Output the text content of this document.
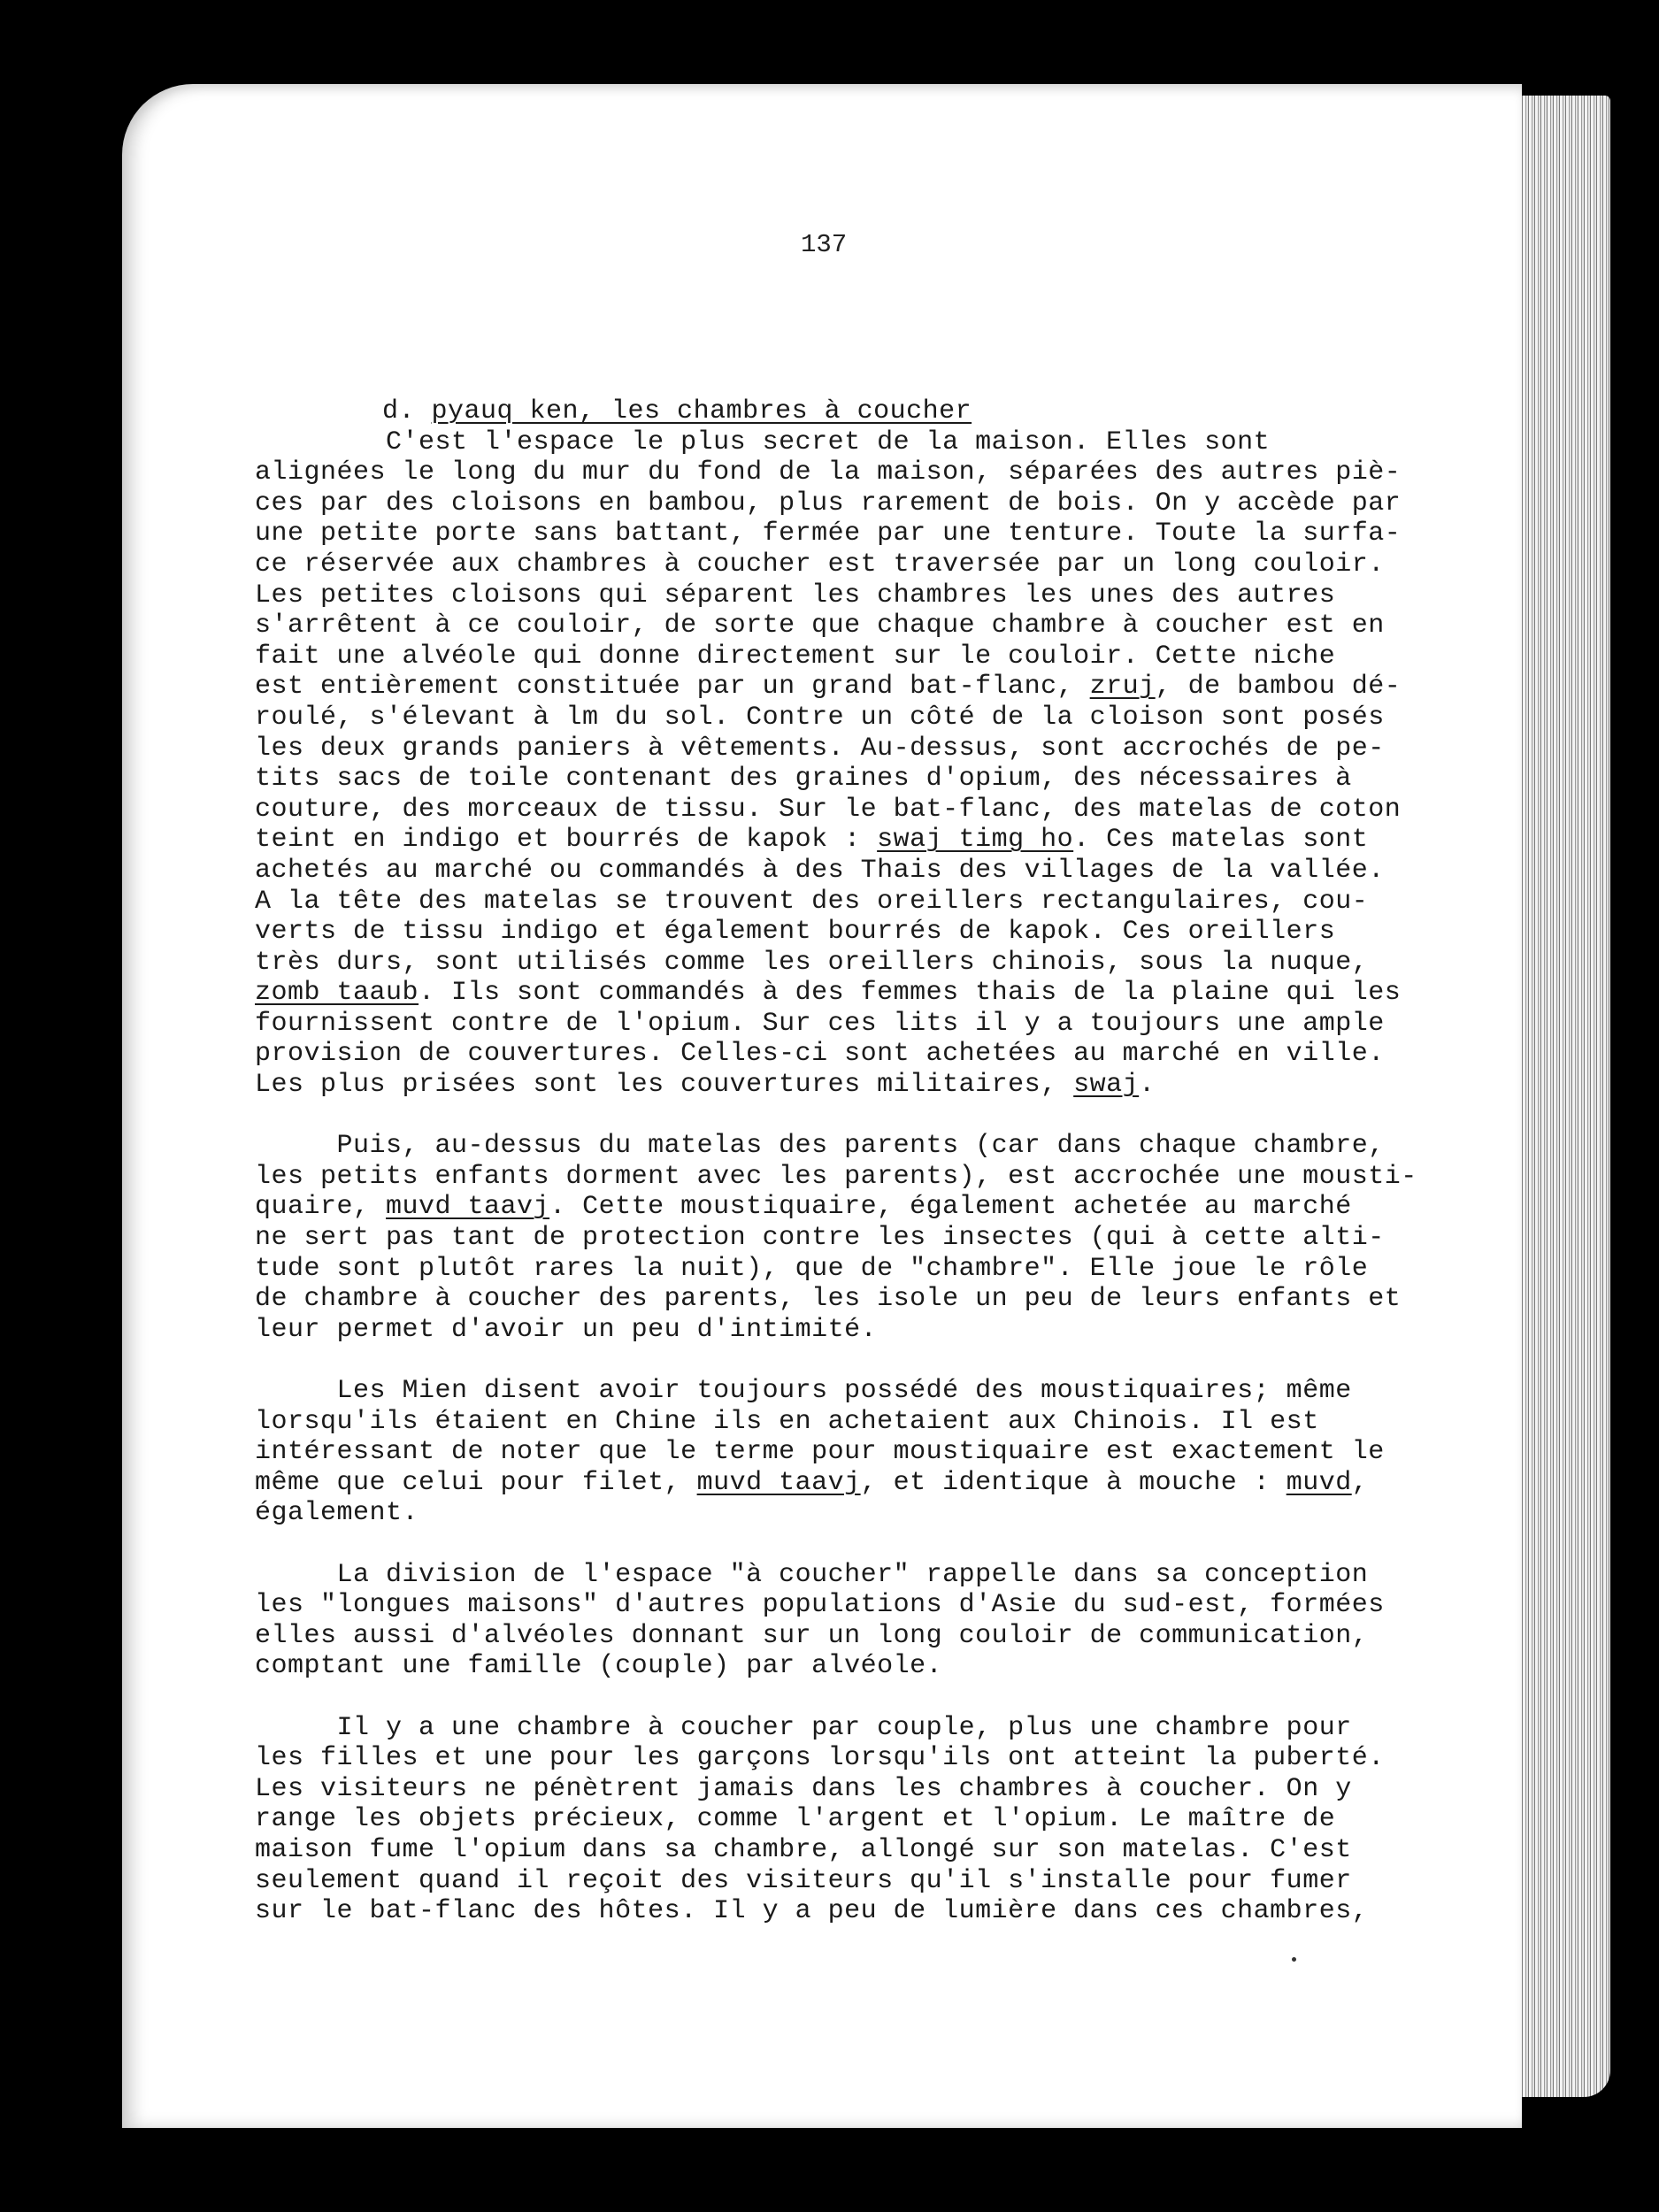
137
d. pyauq ken, les chambres à coucher
C'est l'espace le plus secret de la maison. Elles sont
alignées le long du mur du fond de la maison, séparées des autres piè-
ces par des cloisons en bambou, plus rarement de bois. On y accède par
une petite porte sans battant, fermée par une tenture. Toute la surfa-
ce réservée aux chambres à coucher est traversée par un long couloir.
Les petites cloisons qui séparent les chambres les unes des autres
s'arrêtent à ce couloir, de sorte que chaque chambre à coucher est en
fait une alvéole qui donne directement sur le couloir. Cette niche
est entièrement constituée par un grand bat-flanc, zruj, de bambou dé-
roulé, s'élevant à lm du sol. Contre un côté de la cloison sont posés
les deux grands paniers à vêtements. Au-dessus, sont accrochés de pe-
tits sacs de toile contenant des graines d'opium, des nécessaires à
couture, des morceaux de tissu. Sur le bat-flanc, des matelas de coton
teint en indigo et bourrés de kapok : swaj timg ho. Ces matelas sont
achetés au marché ou commandés à des Thais des villages de la vallée.
A la tête des matelas se trouvent des oreillers rectangulaires, cou-
verts de tissu indigo et également bourrés de kapok. Ces oreillers
très durs, sont utilisés comme les oreillers chinois, sous la nuque,
zomb taaub. Ils sont commandés à des femmes thais de la plaine qui les
fournissent contre de l'opium. Sur ces lits il y a toujours une ample
provision de couvertures. Celles-ci sont achetées au marché en ville.
Les plus prisées sont les couvertures militaires, swaj.
Puis, au-dessus du matelas des parents (car dans chaque chambre,
les petits enfants dorment avec les parents), est accrochée une mousti-
quaire, muvd taavj. Cette moustiquaire, également achetée au marché
ne sert pas tant de protection contre les insectes (qui à cette alti-
tude sont plutôt rares la nuit), que de "chambre". Elle joue le rôle
de chambre à coucher des parents, les isole un peu de leurs enfants et
leur permet d'avoir un peu d'intimité.
Les Mien disent avoir toujours possédé des moustiquaires; même
lorsqu'ils étaient en Chine ils en achetaient aux Chinois. Il est
intéressant de noter que le terme pour moustiquaire est exactement le
même que celui pour filet, muvd taavj, et identique à mouche : muvd,
également.
La division de l'espace "à coucher" rappelle dans sa conception
les "longues maisons" d'autres populations d'Asie du sud-est, formées
elles aussi d'alvéoles donnant sur un long couloir de communication,
comptant une famille (couple) par alvéole.
Il y a une chambre à coucher par couple, plus une chambre pour
les filles et une pour les garçons lorsqu'ils ont atteint la puberté.
Les visiteurs ne pénètrent jamais dans les chambres à coucher. On y
range les objets précieux, comme l'argent et l'opium. Le maître de
maison fume l'opium dans sa chambre, allongé sur son matelas. C'est
seulement quand il reçoit des visiteurs qu'il s'installe pour fumer
sur le bat-flanc des hôtes. Il y a peu de lumière dans ces chambres,
